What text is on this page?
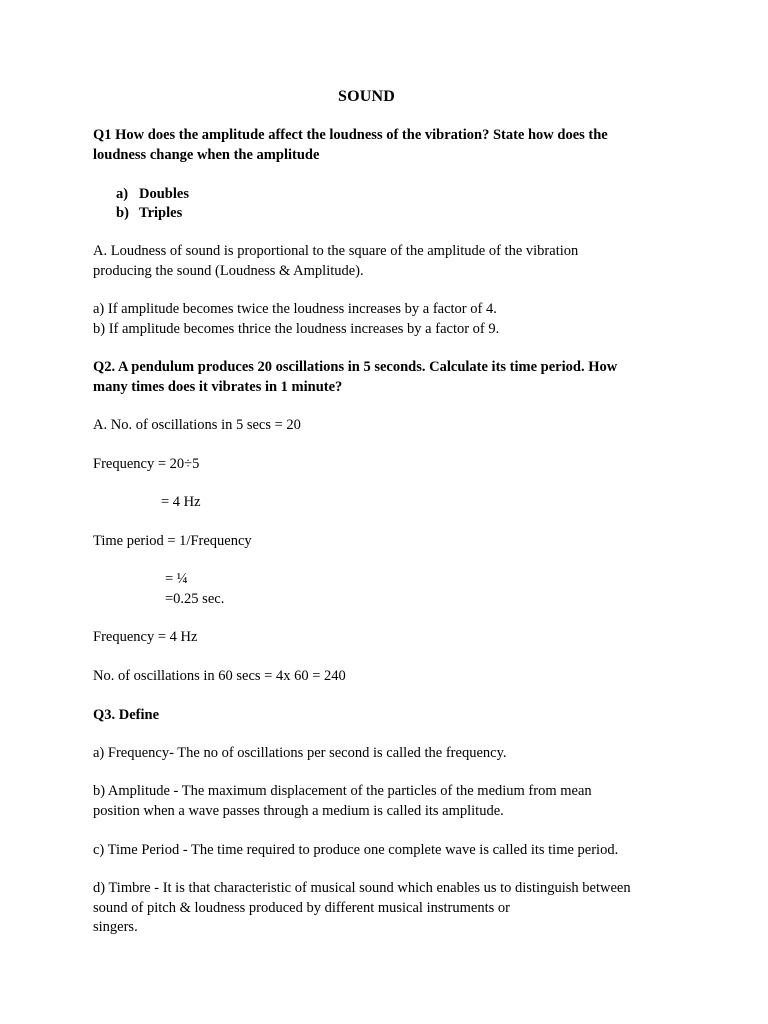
SOUND
Q1 How does the amplitude affect the loudness of the vibration? State how does the
loudness change when the amplitude
a) Doubles
b) Triples
A. Loudness of sound is proportional to the square of the amplitude of the vibration
producing the sound (Loudness & Amplitude).
a) If amplitude becomes twice the loudness increases by a factor of 4.
b) If amplitude becomes thrice the loudness increases by a factor of 9.
Q2. A pendulum produces 20 oscillations in 5 seconds. Calculate its time period. How
many times does it vibrates in 1 minute?
A. No. of oscillations in 5 secs = 20
Frequency = 20÷5
= 4 Hz
Time period = 1/Frequency
= ¼
=0.25 sec.
Frequency = 4 Hz
No. of oscillations in 60 secs = 4x 60 = 240
Q3. Define
a) Frequency- The no of oscillations per second is called the frequency.
b) Amplitude - The maximum displacement of the particles of the medium from mean
position when a wave passes through a medium is called its amplitude.
c) Time Period - The time required to produce one complete wave is called its time period.
d) Timbre - It is that characteristic of musical sound which enables us to distinguish between
sound of pitch & loudness produced by different musical instruments or
singers.
